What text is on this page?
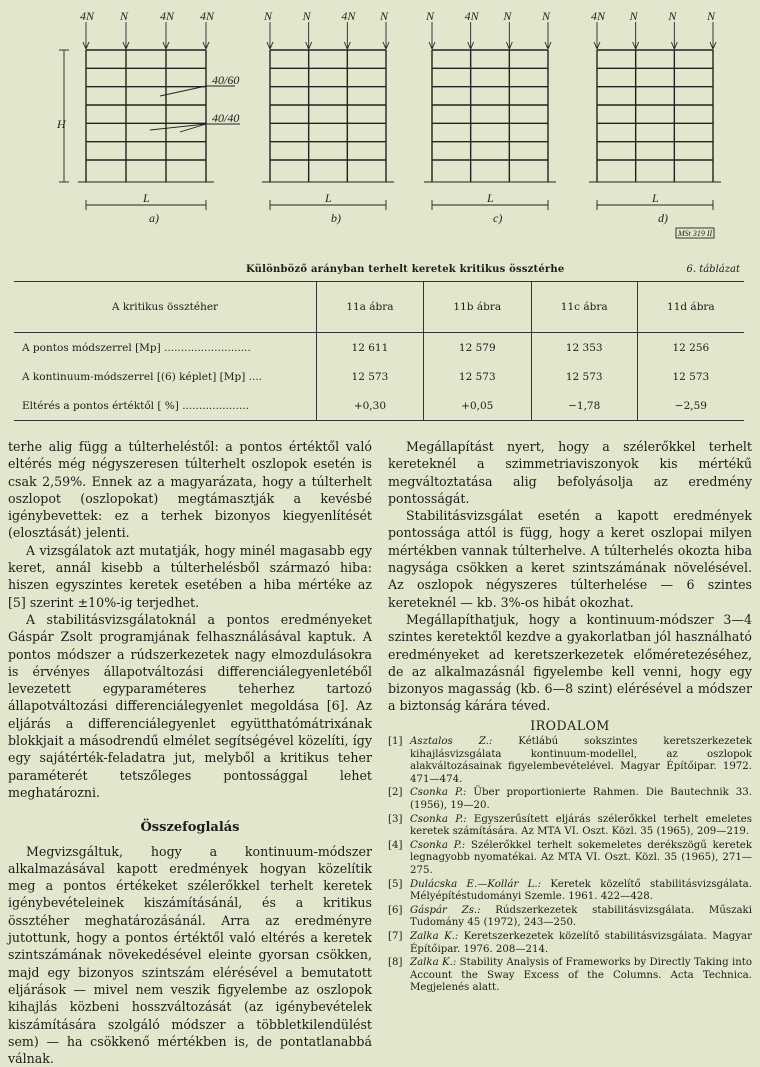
4N N	4N 4N
L
a)
N	N	4N N
L
b)
N	4N N	N
L
c)
4N N	N	N
L
d)
H
40/60
40/40
MSt 319 II
Különböző arányban terhelt keretek kritikus össztérhe	6. táblázat
A kritikus össztéher	11a ábra	11b ábra	11c ábra	11d ábra
A pontos módszerrel [Mp] ..........................	12 611	12 579	12 353	12 256
A kontinuum-módszerrel [(6) képlet] [Mp] ....	12 573	12 573	12 573	12 573
Eltérés a pontos értéktől [ %] ....................	+0,30	+0,05	−1,78	−2,59

terhe alig függ a túlterheléstől: a pontos értéktől való eltérés még négyszeresen túlterhelt oszlopok esetén is csak 2,59%. Ennek az a magyarázata, hogy a túlterhelt oszlopot (oszlopokat) megtámasztják a kevésbé igénybevettek: ez a terhek bizonyos kiegyenlítését (elosztását) jelenti.

A vizsgálatok azt mutatják, hogy minél magasabb egy keret, annál kisebb a túlterhelésből származó hiba: hiszen egyszintes keretek esetében a hiba mértéke az [5] szerint ±10%-ig terjedhet.

A stabilitásvizsgálatoknál a pontos eredményeket Gáspár Zsolt programjának felhasználásával kaptuk. A pontos módszer a rúdszerkezetek nagy elmozdulásokra is érvényes állapotváltozási differenciálegyenletéből levezetett egyparaméteres teherhez tartozó állapotváltozási differenciálegyenlet megoldása [6]. Az eljárás a differenciálegyenlet együtthatómátrixának blokkjait a másodrendű elmélet segítségével közelíti, így egy sajátérték-feladatra jut, melyből a kritikus teher paraméterét tetszőleges pontossággal lehet meghatározni.

Összefoglalás

Megvizsgáltuk, hogy a kontinuum-módszer alkalmazásával kapott eredmények hogyan közelítik meg a pontos értékeket szélerőkkel terhelt keretek igénybevételeinek kiszámításánál, és a kritikus össztéher meghatározásánál. Arra az eredményre jutottunk, hogy a pontos értéktől való eltérés a keretek szintszámának növekedésével eleinte gyorsan csökken, majd egy bizonyos szintszám elérésével a bemutatott eljárások — mivel nem veszik figyelembe az oszlopok kihajlás közbeni hosszváltozását (az igénybevételek kiszámítására szolgáló módszer a többletkilendülést sem) — ha csökkenő mértékben is, de pontatlanabbá válnak.

Megállapítást nyert, hogy a szélerőkkel terhelt kereteknél a szimmetriaviszonyok kis mértékű megváltoztatása alig befolyásolja az eredmény pontosságát.

Stabilitásvizsgálat esetén a kapott eredmények pontossága attól is függ, hogy a keret oszlopai milyen mértékben vannak túlterhelve. A túlterhelés okozta hiba nagysága csökken a keret szintszámának növelésével. Az oszlopok négyszeres túlterhelése — 6 szintes kereteknél — kb. 3%-os hibát okozhat.

Megállapíthatjuk, hogy a kontinuum-módszer 3—4 szintes keretektől kezdve a gyakorlatban jól használható eredményeket ad keretszerkezetek előméretezéséhez, de az alkalmazásnál figyelembe kell venni, hogy egy bizonyos magasság (kb. 6—8 szint) elérésével a módszer a biztonság kárára téved.

IRODALOM
[1] Asztalos Z.: Kétlábú sokszintes keretszerkezetek kihajlásvizsgálata kontinuum-modellel, az oszlopok alakváltozásainak figyelembevételével. Magyar Építőipar. 1972. 471—474.
[2] Csonka P.: Über proportionierte Rahmen. Die Bautechnik 33. (1956), 19—20.
[3] Csonka P.: Egyszerűsített eljárás szélerőkkel terhelt emeletes keretek számítására. Az MTA VI. Oszt. Közl. 35 (1965), 209—219.
[4] Csonka P.: Szélerőkkel terhelt sokemeletes derékszögű keretek legnagyobb nyomatékai. Az MTA VI. Oszt. Közl. 35 (1965), 271—275.
[5] Dulácska E.—Kollár L.: Keretek közelítő stabilitásvizsgálata. Mélyépítéstudományi Szemle. 1961. 422—428.
[6] Gáspár Zs.: Rúdszerkezetek stabilitásvizsgálata. Műszaki Tudomány 45 (1972), 243—250.
[7] Zalka K.: Keretszerkezetek közelítő stabilitásvizsgálata. Magyar Építőipar. 1976. 208—214.
[8] Zalka K.: Stability Analysis of Frameworks by Directly Taking into Account the Sway Excess of the Columns. Acta Technica. Megjelenés alatt.
